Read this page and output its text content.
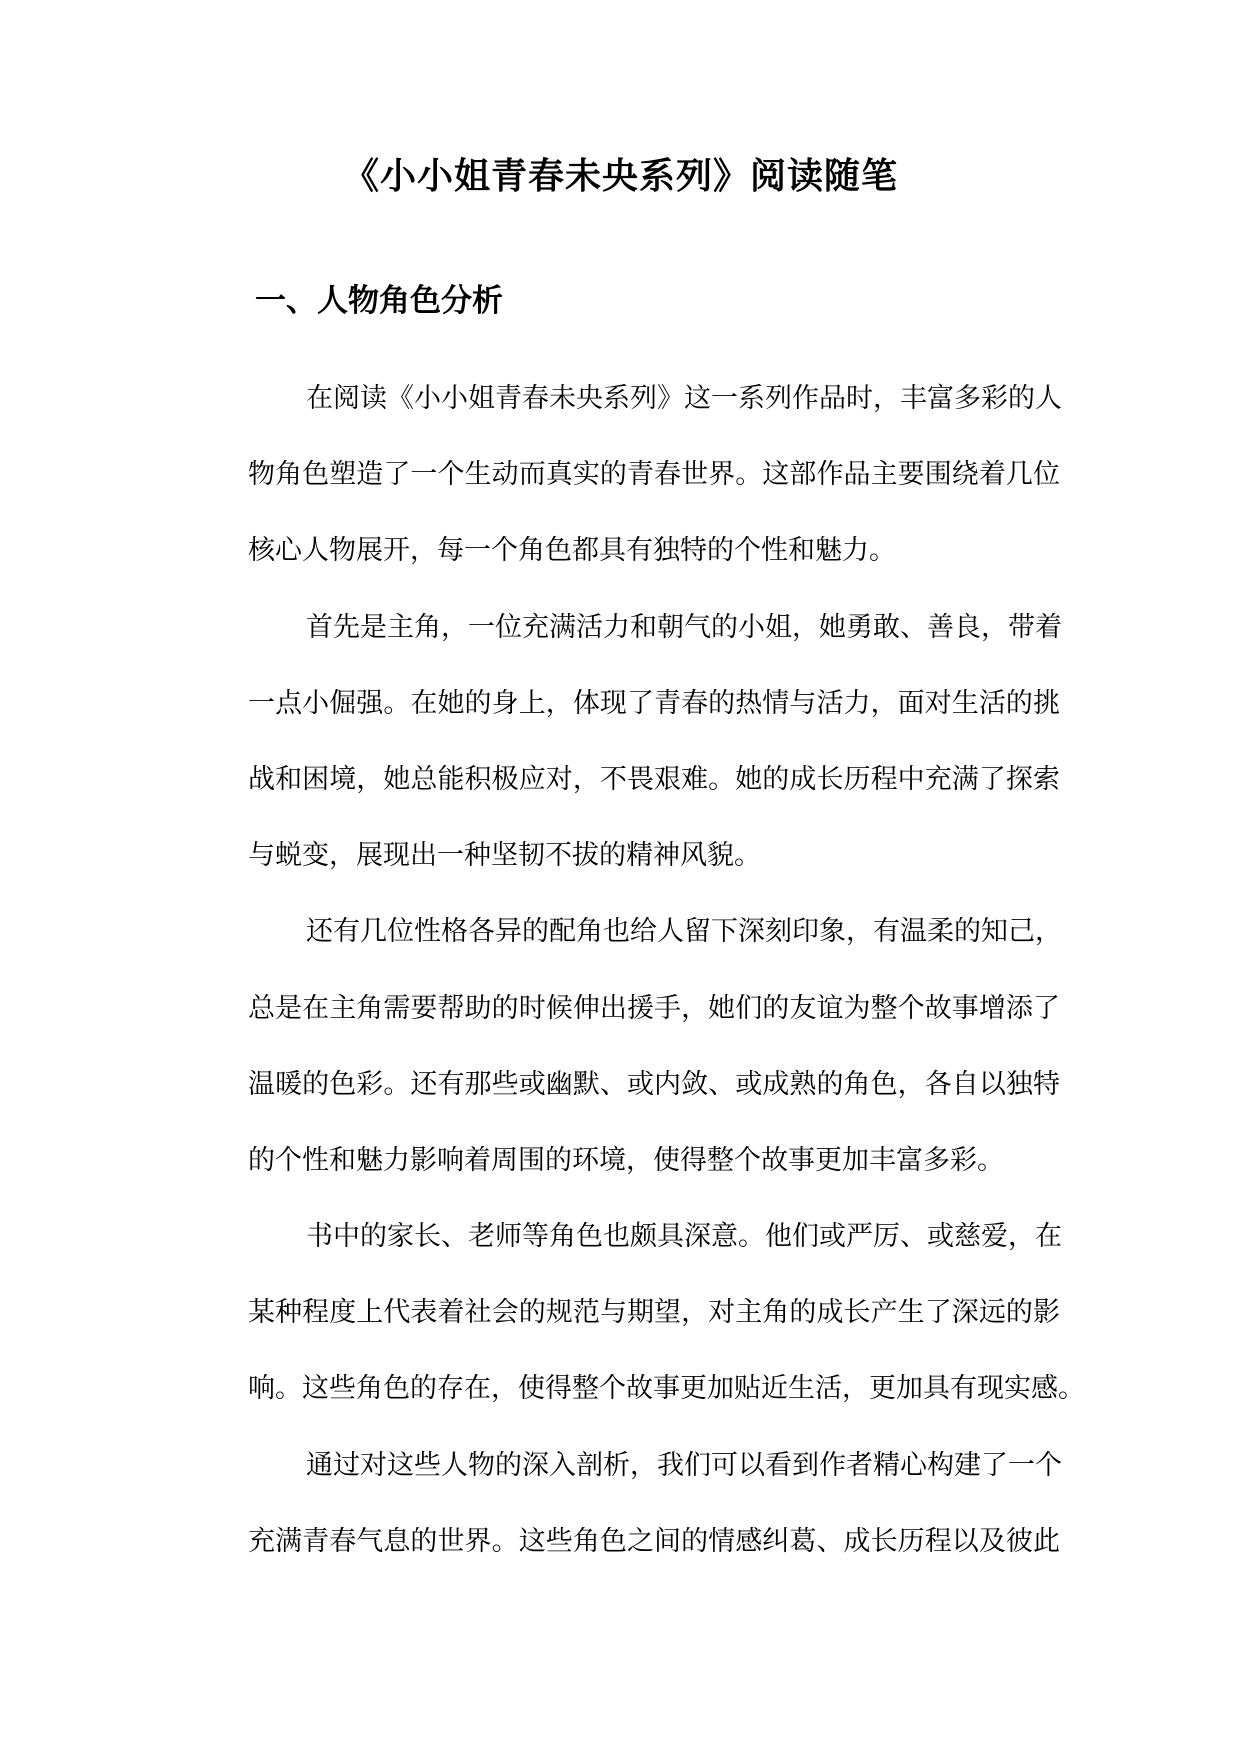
《小小姐青春未央系列》阅读随笔
一、人物角色分析
在阅读《小小姐青春未央系列》这一系列作品时，丰富多彩的人
物角色塑造了一个生动而真实的青春世界。这部作品主要围绕着几位
核心人物展开，每一个角色都具有独特的个性和魅力。
首先是主角，一位充满活力和朝气的小姐，她勇敢、善良，带着
一点小倔强。在她的身上，体现了青春的热情与活力，面对生活的挑
战和困境，她总能积极应对，不畏艰难。她的成长历程中充满了探索
与蜕变，展现出一种坚韧不拔的精神风貌。
还有几位性格各异的配角也给人留下深刻印象，有温柔的知己，
总是在主角需要帮助的时候伸出援手，她们的友谊为整个故事增添了
温暖的色彩。还有那些或幽默、或内敛、或成熟的角色，各自以独特
的个性和魅力影响着周围的环境，使得整个故事更加丰富多彩。
书中的家长、老师等角色也颇具深意。他们或严厉、或慈爱，在
某种程度上代表着社会的规范与期望，对主角的成长产生了深远的影
响。这些角色的存在，使得整个故事更加贴近生活，更加具有现实感。
通过对这些人物的深入剖析，我们可以看到作者精心构建了一个
充满青春气息的世界。这些角色之间的情感纠葛、成长历程以及彼此
